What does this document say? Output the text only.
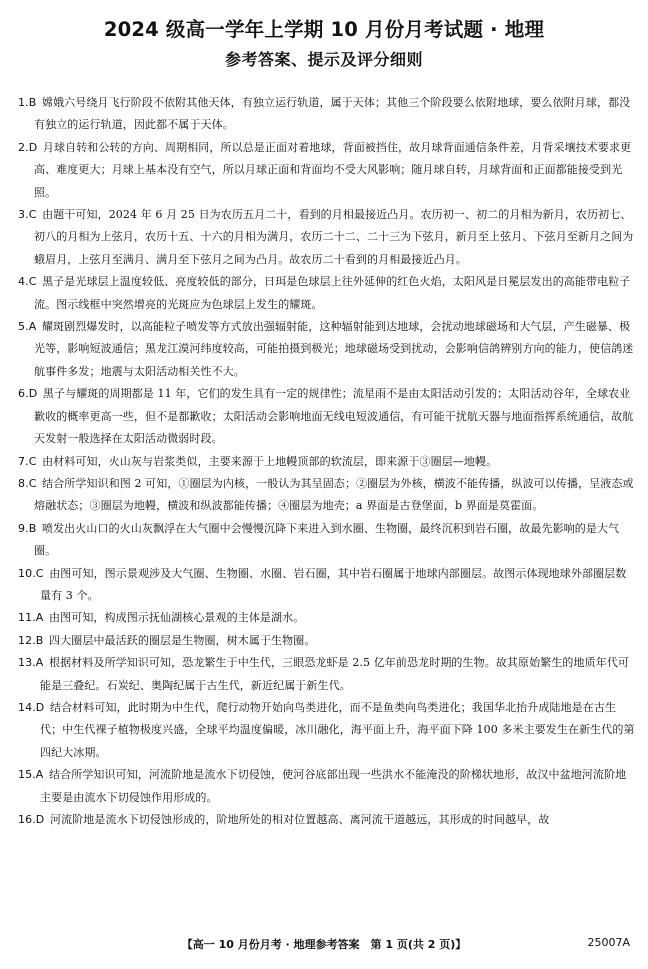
2024 级高一学年上学期 10 月份月考试题 · 地理
参考答案、提示及评分细则

1.B  嫦娥六号绕月飞行阶段不依附其他天体，有独立运行轨道，属于天体；其他三个阶段要么依附地球，要么依附月球，都没有独立的运行轨道，因此都不属于天体。

2.D  月球自转和公转的方向、周期相同，所以总是正面对着地球，背面被挡住，故月球背面通信条件差，月背采壤技术要求更高、难度更大；月球上基本没有空气，所以月球正面和背面均不受大风影响；随月球自转，月球背面和正面都能接受到光照。

3.C  由题干可知，2024 年 6 月 25 日为农历五月二十，看到的月相最接近凸月。农历初一、初二的月相为新月，农历初七、初八的月相为上弦月，农历十五、十六的月相为满月，农历二十二、二十三为下弦月，新月至上弦月、下弦月至新月之间为蛾眉月，上弦月至满月、满月至下弦月之间为凸月。故农历二十看到的月相最接近凸月。

4.C  黑子是光球层上温度较低、亮度较低的部分，日珥是色球层上往外延伸的红色火焰，太阳风是日冕层发出的高能带电粒子流。图示线框中突然增亮的光斑应为色球层上发生的耀斑。

5.A  耀斑剧烈爆发时，以高能粒子喷发等方式放出强辐射能，这种辐射能到达地球，会扰动地球磁场和大气层，产生磁暴、极光等，影响短波通信；黑龙江漠河纬度较高，可能拍摄到极光；地球磁场受到扰动，会影响信鸽辨别方向的能力，使信鸽迷航事件多发；地震与太阳活动相关性不大。

6.D  黑子与耀斑的周期都是 11 年，它们的发生具有一定的规律性；流星雨不是由太阳活动引发的；太阳活动谷年，全球农业歉收的概率更高一些，但不是都歉收；太阳活动会影响地面无线电短波通信，有可能干扰航天器与地面指挥系统通信，故航天发射一般选择在太阳活动微弱时段。

7.C  由材料可知，火山灰与岩浆类似，主要来源于上地幔顶部的软流层，即来源于③圈层—地幔。

8.C  结合所学知识和图 2 可知，①圈层为内核，一般认为其呈固态；②圈层为外核，横波不能传播，纵波可以传播，呈液态或熔融状态；③圈层为地幔，横波和纵波都能传播；④圈层为地壳；a 界面是古登堡面，b 界面是莫霍面。

9.B  喷发出火山口的火山灰飘浮在大气圈中会慢慢沉降下来进入到水圈、生物圈，最终沉积到岩石圈，故最先影响的是大气圈。

10.C  由图可知，图示景观涉及大气圈、生物圈、水圈、岩石圈，其中岩石圈属于地球内部圈层。故图示体现地球外部圈层数量有 3 个。

11.A  由图可知，构成图示抚仙湖核心景观的主体是湖水。

12.B  四大圈层中最活跃的圈层是生物圈，树木属于生物圈。

13.A  根据材料及所学知识可知，恐龙繁生于中生代，三眼恐龙虾是 2.5 亿年前恐龙时期的生物。故其原始繁生的地质年代可能是三叠纪。石炭纪、奥陶纪属于古生代，新近纪属于新生代。

14.D  结合材料可知，此时期为中生代，爬行动物开始向鸟类进化，而不是鱼类向鸟类进化；我国华北抬升成陆地是在古生代；中生代裸子植物极度兴盛，全球平均温度偏暖，冰川融化，海平面上升，海平面下降 100 多米主要发生在新生代的第四纪大冰期。

15.A  结合所学知识可知，河流阶地是流水下切侵蚀，使河谷底部出现一些洪水不能淹没的阶梯状地形，故汉中盆地河流阶地主要是由流水下切侵蚀作用形成的。

16.D  河流阶地是流水下切侵蚀形成的，阶地所处的相对位置越高、离河流干道越远，其形成的时间越早，故

【高一 10 月份月考 · 地理参考答案　第 1 页(共 2 页)】	25007A
